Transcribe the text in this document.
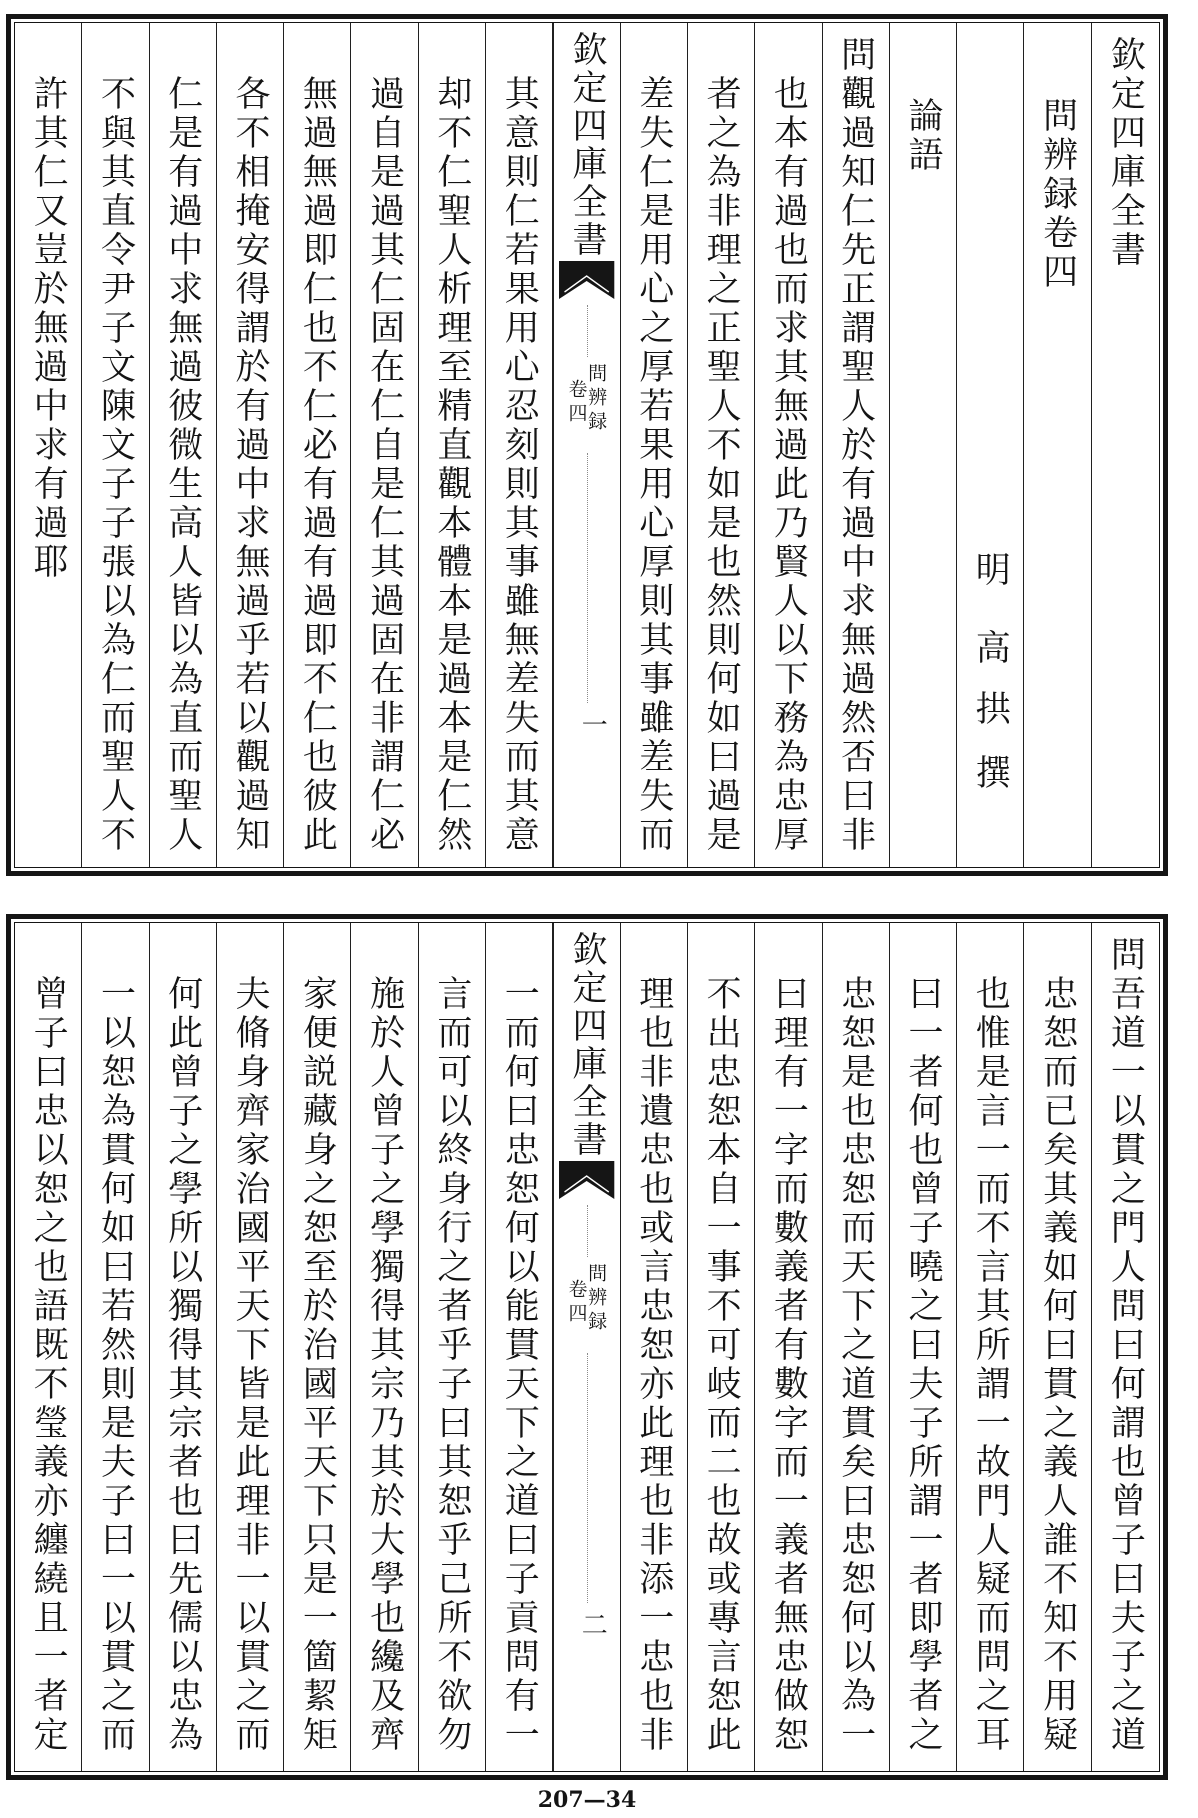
欽定四庫全書
問辨録卷四
明
高拱
撰
論語
問觀過知仁先正謂聖人於有過中求無過然否曰非
也本有過也而求其無過此乃賢人以下務為忠厚
者之為非理之正聖人不如是也然則何如曰過是
差失仁是用心之厚若果用心厚則其事雖差失而
欽定四庫全書
問辨録
卷四
一
其意則仁若果用心忍刻則其事雖無差失而其意
却不仁聖人析理至精直觀本體本是過本是仁然
過自是過其仁固在仁自是仁其過固在非謂仁必
無過無過即仁也不仁必有過有過即不仁也彼此
各不相掩安得謂於有過中求無過乎若以觀過知
仁是有過中求無過彼微生高人皆以為直而聖人
不與其直令尹子文陳文子子張以為仁而聖人不
許其仁又豈於無過中求有過耶
問吾道一以貫之門人問曰何謂也曾子曰夫子之道
忠恕而已矣其義如何曰貫之義人誰不知不用疑
也惟是言一而不言其所謂一故門人疑而問之耳
曰一者何也曾子曉之曰夫子所謂一者即學者之
忠恕是也忠恕而天下之道貫矣曰忠恕何以為一
曰理有一字而數義者有數字而一義者無忠做恕
不出忠恕本自一事不可岐而二也故或專言恕此
理也非遺忠也或言忠恕亦此理也非添一忠也非
欽定四庫全書
問辨録
卷四
二
一而何曰忠恕何以能貫天下之道曰子貢問有一
言而可以終身行之者乎子曰其恕乎己所不欲勿
施於人曾子之學獨得其宗乃其於大學也纔及齊
家便説藏身之恕至於治國平天下只是一箇絜矩
夫脩身齊家治國平天下皆是此理非一以貫之而
何此曾子之學所以獨得其宗者也曰先儒以忠為
一以恕為貫何如曰若然則是夫子曰一以貫之而
曾子曰忠以恕之也語既不瑩義亦纏繞且一者定
207—34
